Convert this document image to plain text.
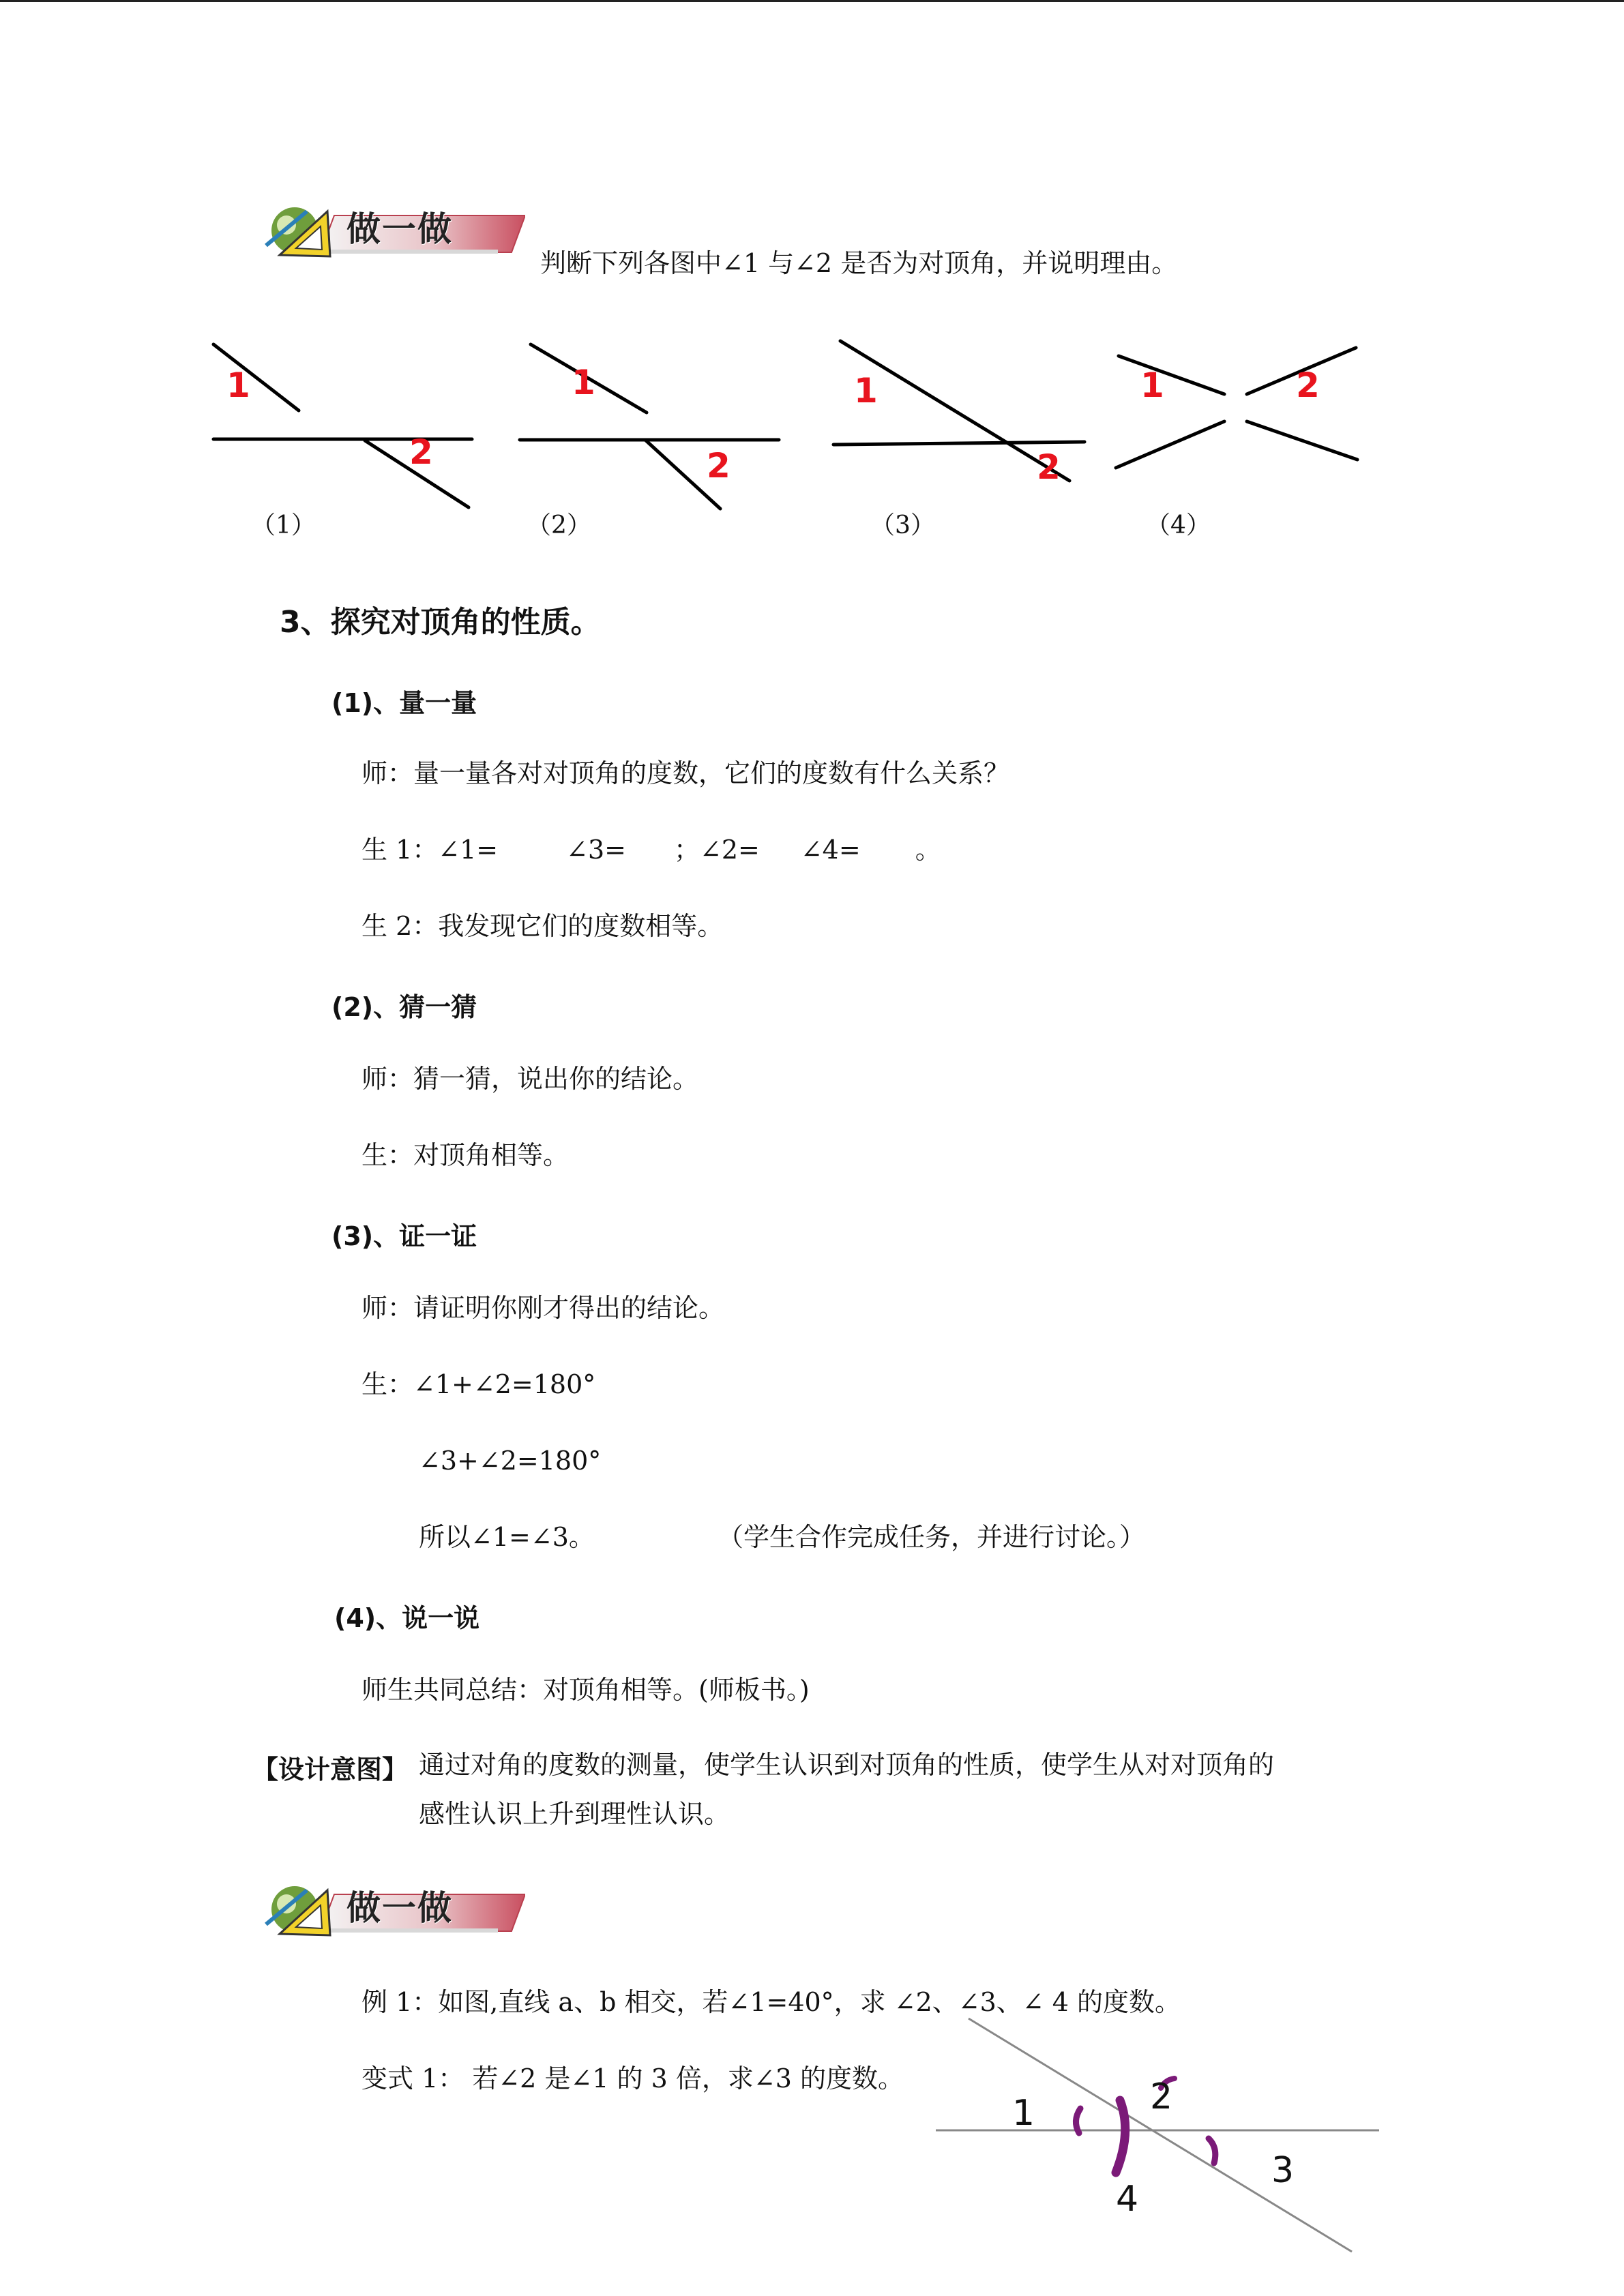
做一做
判断下列各图中∠1 与∠2 是否为对顶角，并说明理由。
1
2
1
2
1
2
1	2
（1）	（2）	（3）	（4）
3、探究对顶角的性质。
(1)、量一量
师：量一量各对对顶角的度数，它们的度数有什么关系？
生 1：∠1=	∠3= ；∠2= ∠4= 。
生 2：我发现它们的度数相等。
(2)、猜一猜
师：猜一猜，说出你的结论。
生：对顶角相等。
(3)、证一证
师：请证明你刚才得出的结论。
生：∠1+∠2=180°
∠3+∠2=180°
所以∠1=∠3。	（学生合作完成任务，并进行讨论。）
(4)、说一说
师生共同总结：对顶角相等。(师板书。)
【设计意图】 通过对角的度数的测量，使学生认识到对顶角的性质，使学生从对对顶角的
感性认识上升到理性认识。
做一做
例 1：如图,直线 a、b 相交，若∠1=40°，求 ∠2、∠3、∠ 4 的度数。
变式 1： 若∠2 是∠1 的 3 倍，求∠3 的度数。
1	2
3
4
